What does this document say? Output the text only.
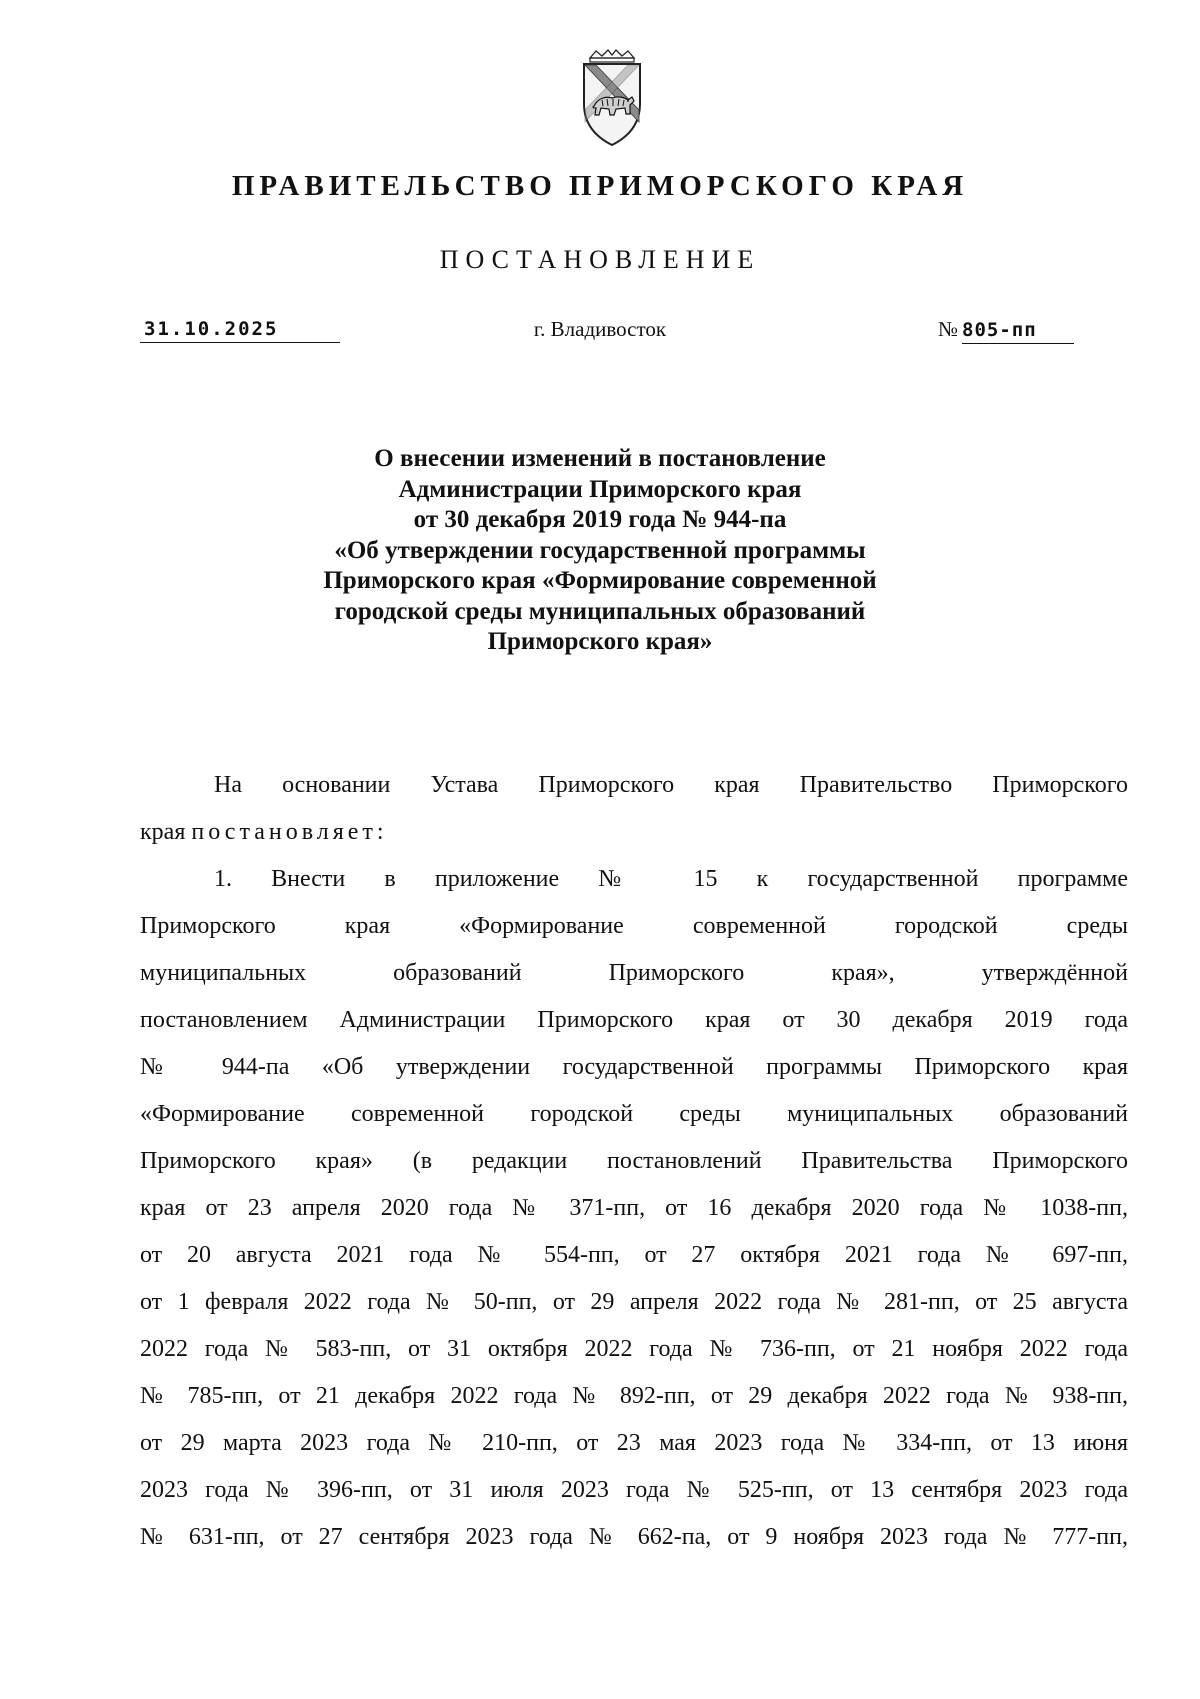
ПРАВИТЕЛЬСТВО ПРИМОРСКОГО КРАЯ
ПОСТАНОВЛЕНИЕ
31.10.2025	г. Владивосток	№ 805-пп
О внесении изменений в постановление
Администрации Приморского края
от 30 декабря 2019 года № 944-па
«Об утверждении государственной программы
Приморского края «Формирование современной
городской среды муниципальных образований
Приморского края»
На основании Устава Приморского края Правительство Приморского
края постановляет:
1. Внести в приложение № 15 к государственной программе
Приморского края «Формирование современной городской среды
муниципальных образований Приморского края», утверждённой
постановлением Администрации Приморского края от 30 декабря 2019 года
№ 944-па «Об утверждении государственной программы Приморского края
«Формирование современной городской среды муниципальных образований
Приморского края» (в редакции постановлений Правительства Приморского
края от 23 апреля 2020 года № 371-пп, от 16 декабря 2020 года № 1038-пп,
от 20 августа 2021 года № 554-пп, от 27 октября 2021 года № 697-пп,
от 1 февраля 2022 года № 50-пп, от 29 апреля 2022 года № 281-пп, от 25 августа
2022 года № 583-пп, от 31 октября 2022 года № 736-пп, от 21 ноября 2022 года
№ 785-пп, от 21 декабря 2022 года № 892-пп, от 29 декабря 2022 года № 938-пп,
от 29 марта 2023 года № 210-пп, от 23 мая 2023 года № 334-пп, от 13 июня
2023 года № 396-пп, от 31 июля 2023 года № 525-пп, от 13 сентября 2023 года
№ 631-пп, от 27 сентября 2023 года № 662-па, от 9 ноября 2023 года № 777-пп,
